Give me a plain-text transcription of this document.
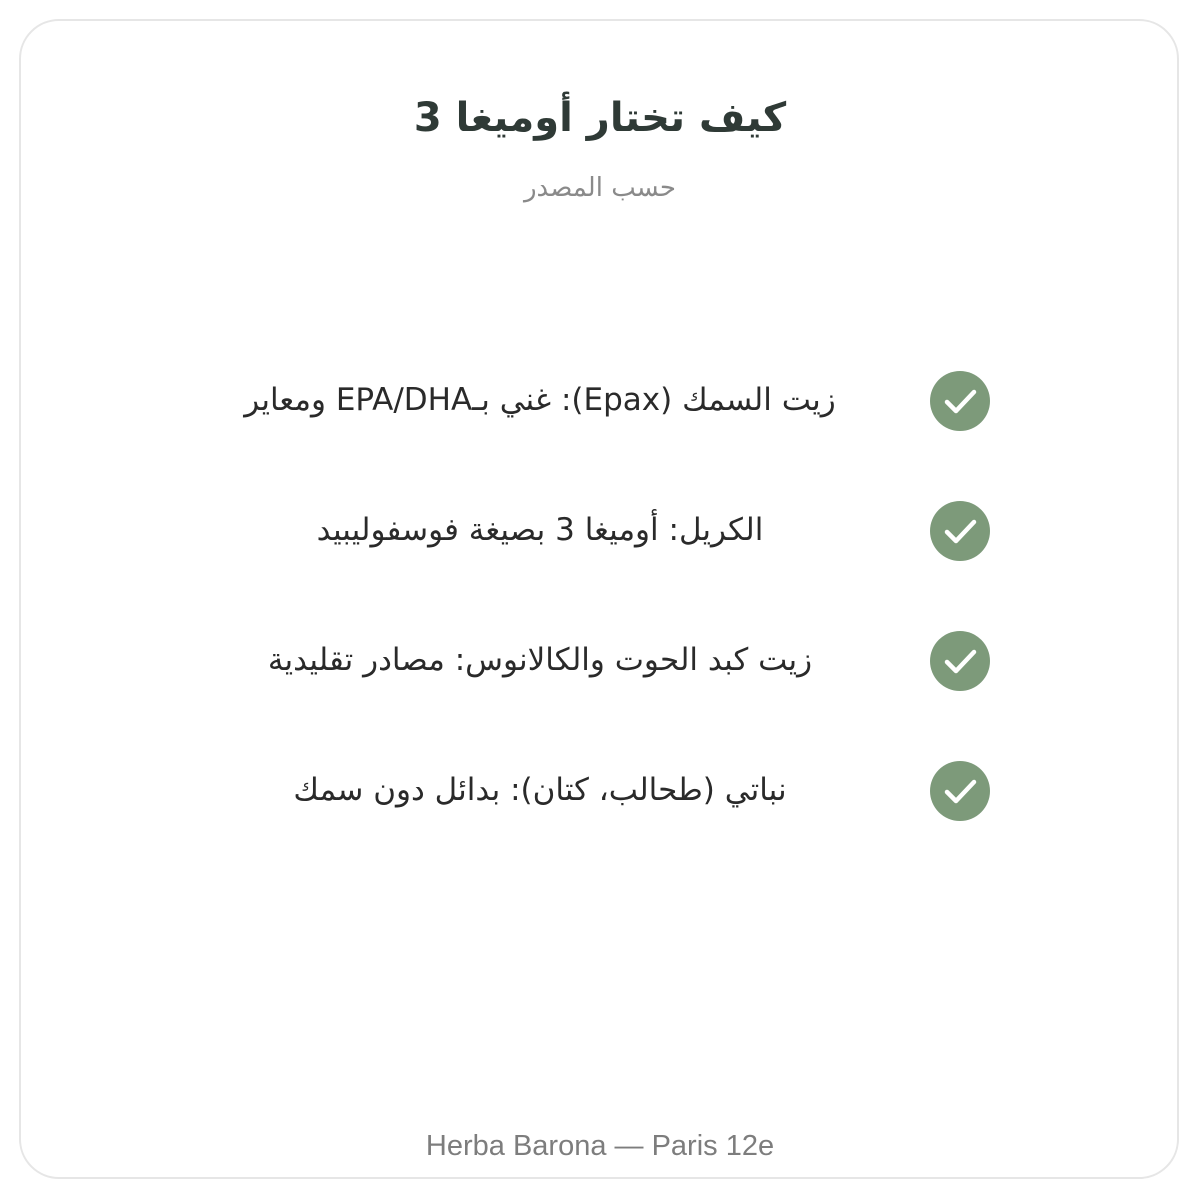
كيف تختار أوميغا 3

حسب المصدر

زيت السمك (Epax): غني بـEPA/DHA ومعاير
الكريل: أوميغا 3 بصيغة فوسفوليبيد
زيت كبد الحوت والكالانوس: مصادر تقليدية
نباتي (طحالب، كتان): بدائل دون سمك
Herba Barona — Paris 12e
